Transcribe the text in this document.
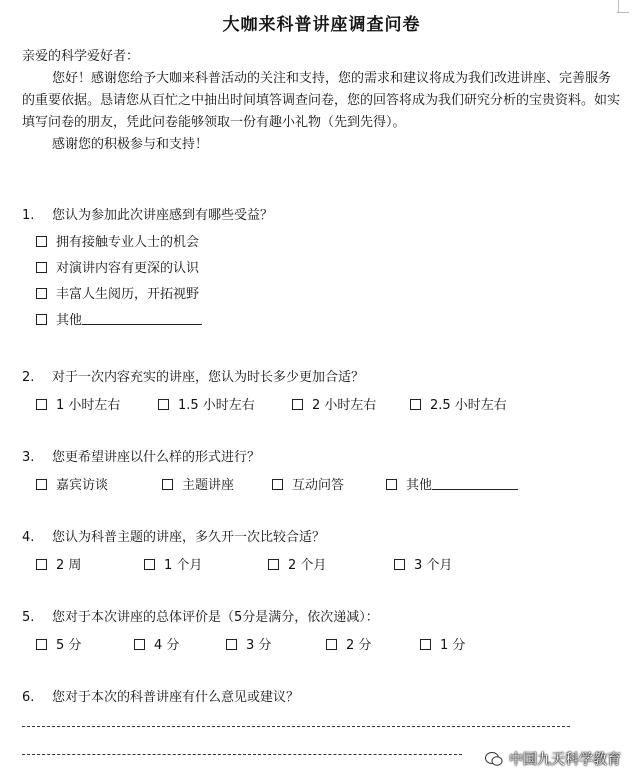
大咖来科普讲座调查问卷

亲爱的科学爱好者：

您好！感谢您给予大咖来科普活动的关注和支持，您的需求和建议将成为我们改进讲座、完善服务的重要依据。恳请您从百忙之中抽出时间填答调查问卷，您的回答将成为我们研究分析的宝贵资料。如实填写问卷的朋友，凭此问卷能够领取一份有趣小礼物（先到先得）。

感谢您的积极参与和支持！

1. 您认为参加此次讲座感到有哪些受益？
拥有接触专业人士的机会
对演讲内容有更深的认识
丰富人生阅历，开拓视野
其他
2. 对于一次内容充实的讲座，您认为时长多少更加合适？
1 小时左右	1.5 小时左右	2 小时左右	2.5 小时左右
3. 您更希望讲座以什么样的形式进行？
嘉宾访谈	主题讲座	互动问答	其他
4. 您认为科普主题的讲座，多久开一次比较合适？
2 周	1 个月	2 个月	3 个月
5. 您对于本次讲座的总体评价是（5分是满分，依次递减）：
5 分	4 分	3 分	2 分	1 分
6. 您对于本次的科普讲座有什么意见或建议？
中国九天科学教育
